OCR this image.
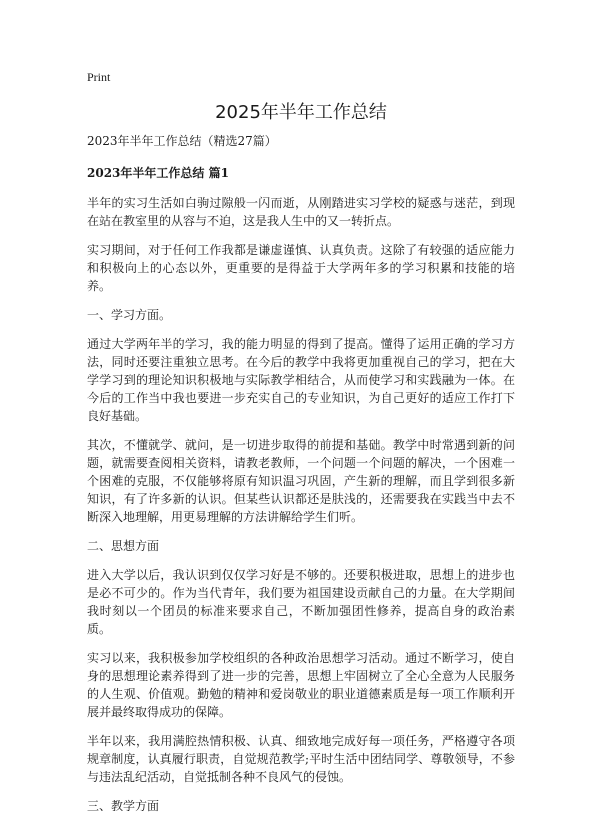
Print
2025年半年工作总结
2023年半年工作总结（精选27篇）
2023年半年工作总结 篇1

半年的实习生活如白驹过隙般一闪而逝，从刚踏进实习学校的疑惑与迷茫，到现在站在教室里的从容与不迫，这是我人生中的又一转折点。

实习期间，对于任何工作我都是谦虚谨慎、认真负责。这除了有较强的适应能力和积极向上的心态以外，更重要的是得益于大学两年多的学习积累和技能的培养。

一、学习方面。

通过大学两年半的学习，我的能力明显的得到了提高。懂得了运用正确的学习方法，同时还要注重独立思考。在今后的教学中我将更加重视自己的学习，把在大学学习到的理论知识积极地与实际教学相结合，从而使学习和实践融为一体。在今后的工作当中我也要进一步充实自己的专业知识，为自己更好的适应工作打下良好基础。

其次，不懂就学、就问，是一切进步取得的前提和基础。教学中时常遇到新的问题，就需要查阅相关资料，请教老教师，一个问题一个问题的解决，一个困难一个困难的克服，不仅能够将原有知识温习巩固，产生新的理解，而且学到很多新知识，有了许多新的认识。但某些认识都还是肤浅的，还需要我在实践当中去不断深入地理解，用更易理解的方法讲解给学生们听。

二、思想方面

进入大学以后，我认识到仅仅学习好是不够的。还要积极进取，思想上的进步也是必不可少的。作为当代青年，我们要为祖国建设贡献自己的力量。在大学期间我时刻以一个团员的标准来要求自己，不断加强团性修养，提高自身的政治素质。

实习以来，我积极参加学校组织的各种政治思想学习活动。通过不断学习，使自身的思想理论素养得到了进一步的完善，思想上牢固树立了全心全意为人民服务的人生观、价值观。勤勉的精神和爱岗敬业的职业道德素质是每一项工作顺利开展并最终取得成功的保障。

半年以来，我用满腔热情积极、认真、细致地完成好每一项任务，严格遵守各项规章制度，认真履行职责，自觉规范教学;平时生活中团结同学、尊敬领导，不参与违法乱纪活动，自觉抵制各种不良风气的侵蚀。

三、教学方面
